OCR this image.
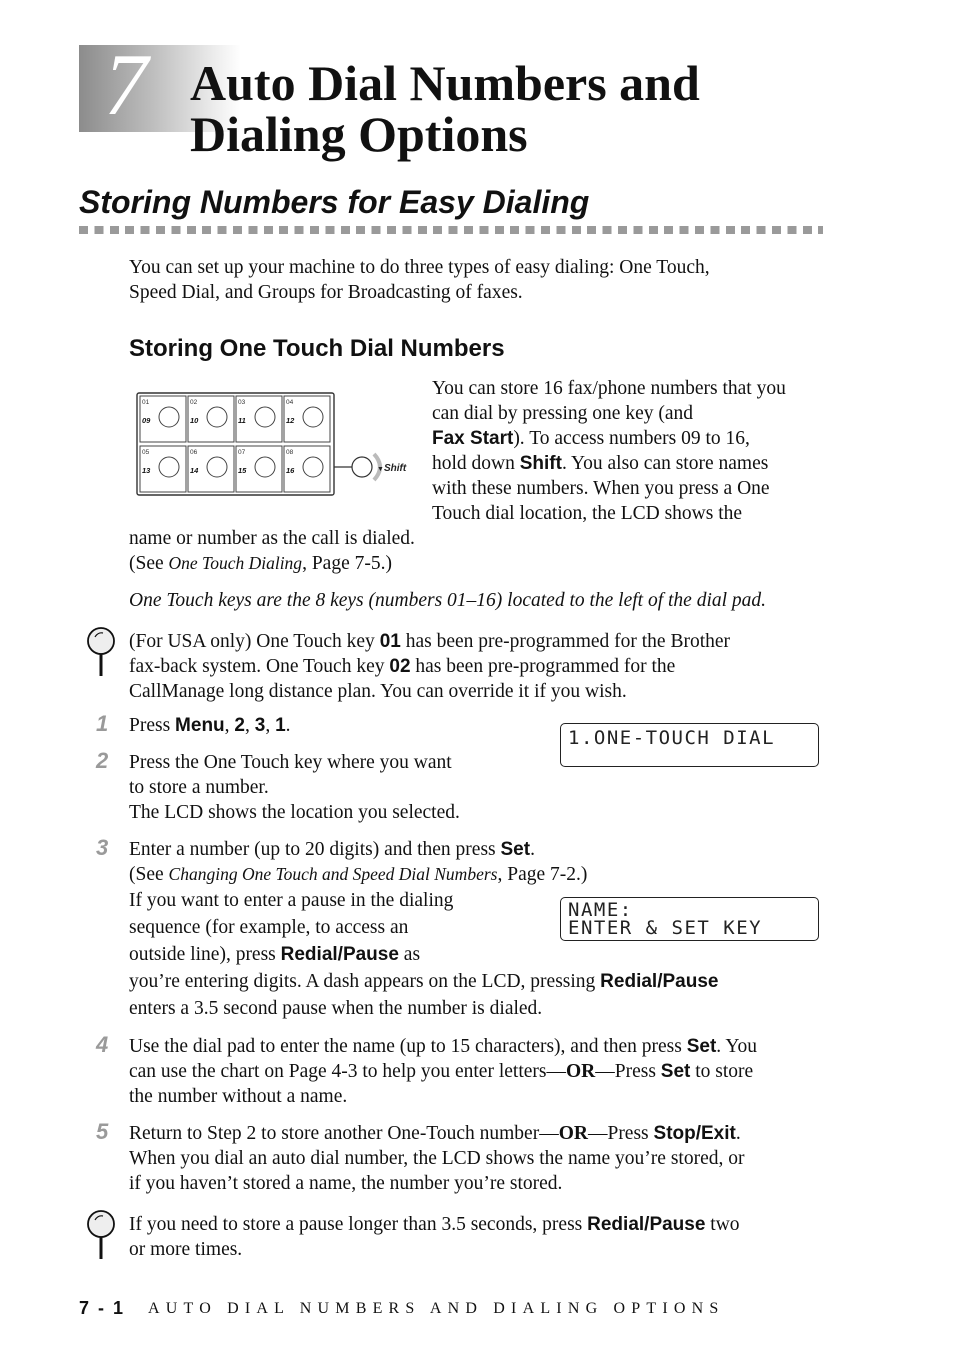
7 Auto Dial Numbers and
Dialing Options
Storing Numbers for Easy Dialing
You can set up your machine to do three types of easy dialing: One Touch,
Speed Dial, and Groups for Broadcasting of faxes.
Storing One Touch Dial Numbers
01
09
02
10
03
11
04
12
05
13
06
14
07
15
08
16	▼Shift
You can store 16 fax/phone numbers that you
can dial by pressing one key (and
Fax Start). To access numbers 09 to 16,
hold down Shift. You also can store names
with these numbers. When you press a One
Touch dial location, the LCD shows the
name or number as the call is dialed.
(See One Touch Dialing, Page 7-5.)
One Touch keys are the 8 keys (numbers 01–16) located to the left of the dial pad.
(For USA only) One Touch key 01 has been pre-programmed for the Brother
fax-back system. One Touch key 02 has been pre-programmed for the
CallManage long distance plan. You can override it if you wish.
1 Press Menu, 2, 3, 1.
1.ONE-TOUCH DIAL
2 Press the One Touch key where you want
to store a number.
The LCD shows the location you selected.
3 Enter a number (up to 20 digits) and then press Set.
(See Changing One Touch and Speed Dial Numbers, Page 7-2.)
If you want to enter a pause in the dialing
sequence (for example, to access an
outside line), press Redial/Pause as
you’re entering digits. A dash appears on the LCD, pressing Redial/Pause
enters a 3.5 second pause when the number is dialed.
NAME:
ENTER & SET KEY
4 Use the dial pad to enter the name (up to 15 characters), and then press Set. You
can use the chart on Page 4-3 to help you enter letters—OR—Press Set to store
the number without a name.
5 Return to Step 2 to store another One-Touch number—OR—Press Stop/Exit.
When you dial an auto dial number, the LCD shows the name you’re stored, or
if you haven’t stored a name, the number you’re stored.
If you need to store a pause longer than 3.5 seconds, press Redial/Pause two
or more times.
7 - 1 AUTO DIAL NUMBERS AND DIALING OPTIONS
